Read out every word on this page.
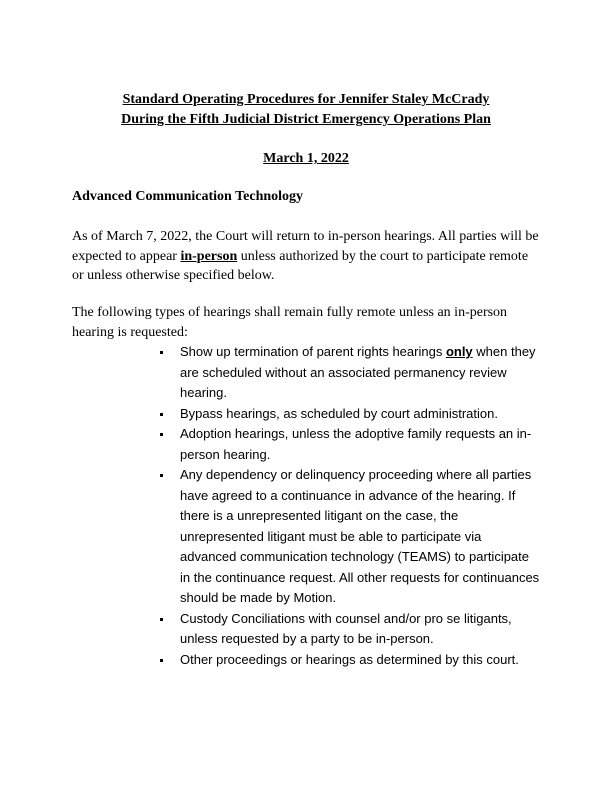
Standard Operating Procedures for Jennifer Staley McCrady
During the Fifth Judicial District Emergency Operations Plan
March 1, 2022
Advanced Communication Technology

As of March 7, 2022, the Court will return to in-person hearings. All parties will be expected to appear in-person unless authorized by the court to participate remote or unless otherwise specified below.

The following types of hearings shall remain fully remote unless an in-person hearing is requested:

Show up termination of parent rights hearings only when they are scheduled without an associated permanency review hearing.
Bypass hearings, as scheduled by court administration.
Adoption hearings, unless the adoptive family requests an in-person hearing.
Any dependency or delinquency proceeding where all parties have agreed to a continuance in advance of the hearing. If there is a unrepresented litigant on the case, the unrepresented litigant must be able to participate via advanced communication technology (TEAMS) to participate in the continuance request. All other requests for continuances should be made by Motion.
Custody Conciliations with counsel and/or pro se litigants, unless requested by a party to be in-person.
Other proceedings or hearings as determined by this court.
